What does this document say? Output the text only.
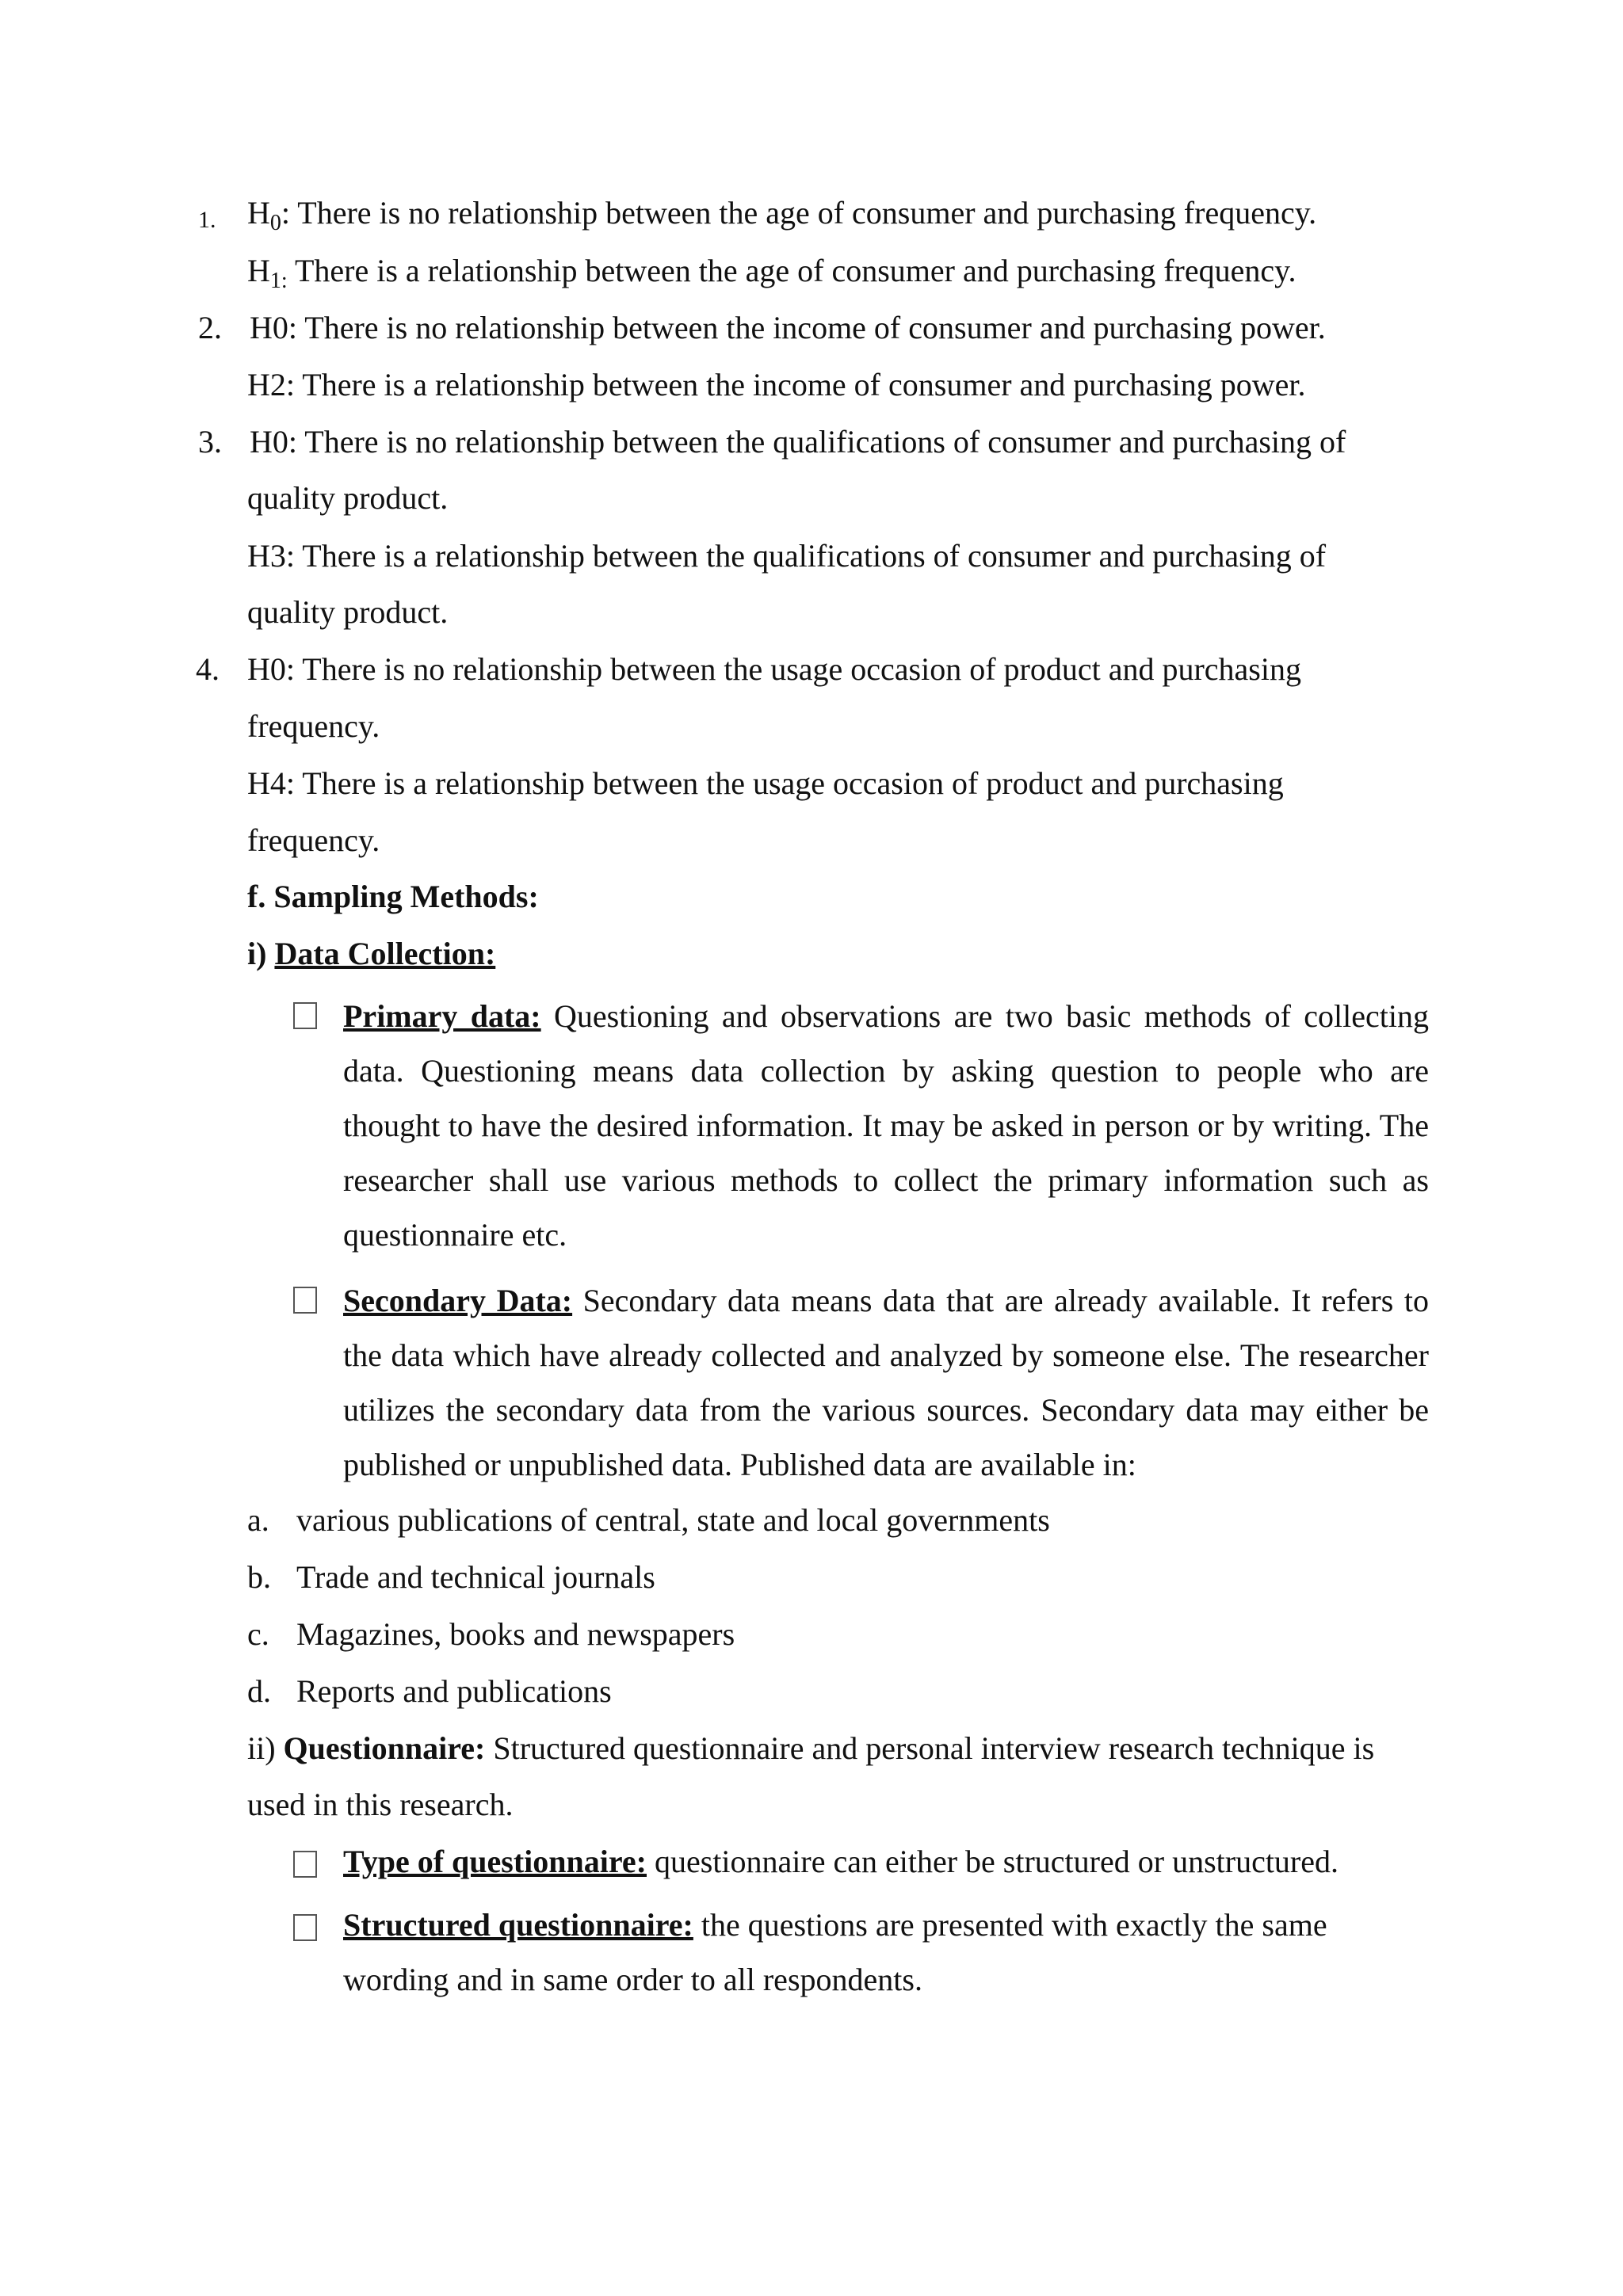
1. $H_0$: There is no relationship between the age of consumer and purchasing frequency.
$H_{1:}$ There is a relationship between the age of consumer and purchasing frequency.
2. H0: There is no relationship between the income of consumer and purchasing power.
H2: There is a relationship between the income of consumer and purchasing power.
3. H0: There is no relationship between the qualifications of consumer and purchasing of
quality product.
H3: There is a relationship between the qualifications of consumer and purchasing of
quality product.
4. H0: There is no relationship between the usage occasion of product and purchasing
frequency.
H4: There is a relationship between the usage occasion of product and purchasing
frequency.
f. Sampling Methods:
i) Data Collection:
Primary data: Questioning and observations are two basic methods of collecting data. Questioning means data collection by asking question to people who are thought to have the desired information. It may be asked in person or by writing. The researcher shall use various methods to collect the primary information such as questionnaire etc.
Secondary Data: Secondary data means data that are already available. It refers to the data which have already collected and analyzed by someone else. The researcher utilizes the secondary data from the various sources. Secondary data may either be published or unpublished data. Published data are available in:
a. various publications of central, state and local governments
b. Trade and technical journals
c. Magazines, books and newspapers
d. Reports and publications
ii) Questionnaire: Structured questionnaire and personal interview research technique is
used in this research.
Type of questionnaire: questionnaire can either be structured or unstructured.
Structured questionnaire: the questions are presented with exactly the same
wording and in same order to all respondents.
